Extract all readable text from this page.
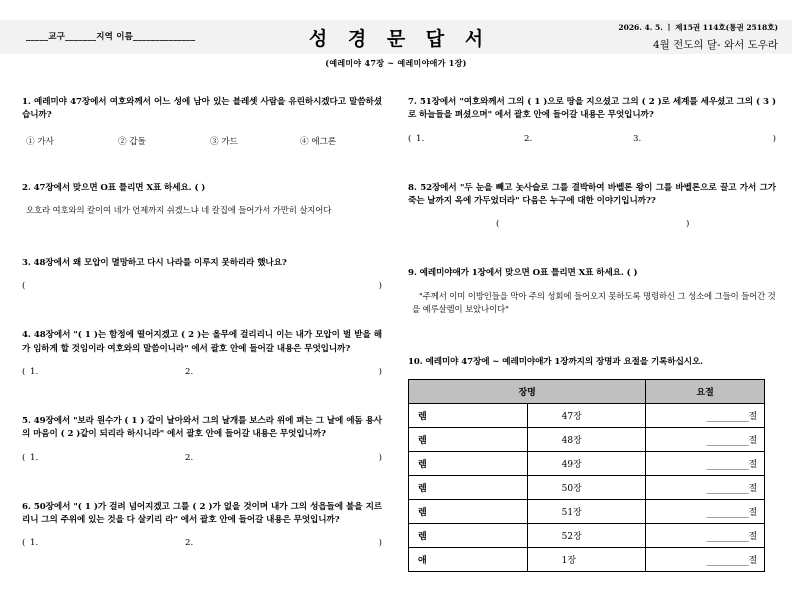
_____교구_______지역 이름______________	성 경 문 답 서
(예레미야 47장 ~ 예레미야애가 1장)
2026. 4. 5. ㅣ 제15권 114호(통권 2518호)
4월 전도의 달- 와서 도우라
1. 예레미야 47장에서 여호와께서 어느 성에 남아 있는 블레셋 사람을 유린하시겠다고 말씀하셨습니까?
① 가사	② 갑돌	③ 가드	④ 에그론
2. 47장에서 맞으면 O표 틀리면 X표 하세요. ( )
오호라 여호와의 칼이여 네가 언제까지 쉬겠느냐 네 칼집에 들어가서 가만히 살지어다
3. 48장에서 왜 모압이 멸망하고 다시 나라를 이루지 못하리라 했나요?
(	)
4. 48장에서 "( 1 )는 함정에 떨어지겠고 ( 2 )는 올무에 걸리리니 이는 내가 모압이 벌 받을 해가 임하게 할 것임이라 여호와의 말씀이니라" 에서 괄호 안에 들어갈 내용은 무엇입니까?
( 1.	2.	)
5. 49장에서 "보라 원수가 ( 1 ) 같이 날아와서 그의 날개를 보스라 위에 펴는 그 날에 에돔 용사의 마음이 ( 2 )같이 되리라 하시니라" 에서 괄호 안에 들어갈 내용은 무엇입니까?
( 1.	2.	)
6. 50장에서 "( 1 )가 걸려 넘어지겠고 그를 ( 2 )가 없을 것이며 내가 그의 성읍들에 불을 지르리니 그의 주위에 있는 것을 다 살키리 라" 에서 괄호 안에 들어갈 내용은 무엇입니까?
( 1.	2.	)
7. 51장에서 "여호와께서 그의 ( 1 )으로 땅을 지으셨고 그의 ( 2 )로 세계를 세우셨고 그의 ( 3 )로 하늘들을 펴셨으며" 에서 괄호 안에 들어갈 내용은 무엇입니까?
( 1.	2.	3.	)
8. 52장에서 "두 눈을 빼고 놋사슬로 그를 결박하여 바벨론 왕이 그를 바벨론으로 끌고 가서 그가 죽는 날까지 옥에 가두었더라" 다음은 누구에 대한 이야기입니까??
(	)
9. 예레미야애가 1장에서 맞으면 O표 틀리면 X표 하세요. ( )
"주께서 이미 이방인들을 막아 주의 성회에 들어오지 못하도록 명령하신 그 성소에 그들이 들어간 것을 예루살렘이 보았나이다"
10. 예레미야 47장에 ~ 예레미야애가 1장까지의 장명과 요절을 기록하십시오.
장명		요절
렘	47장	__________절
렘	48장	__________절
렘	49장	__________절
렘	50장	__________절
렘	51장	__________절
렘	52장	__________절
애	1장	__________절
